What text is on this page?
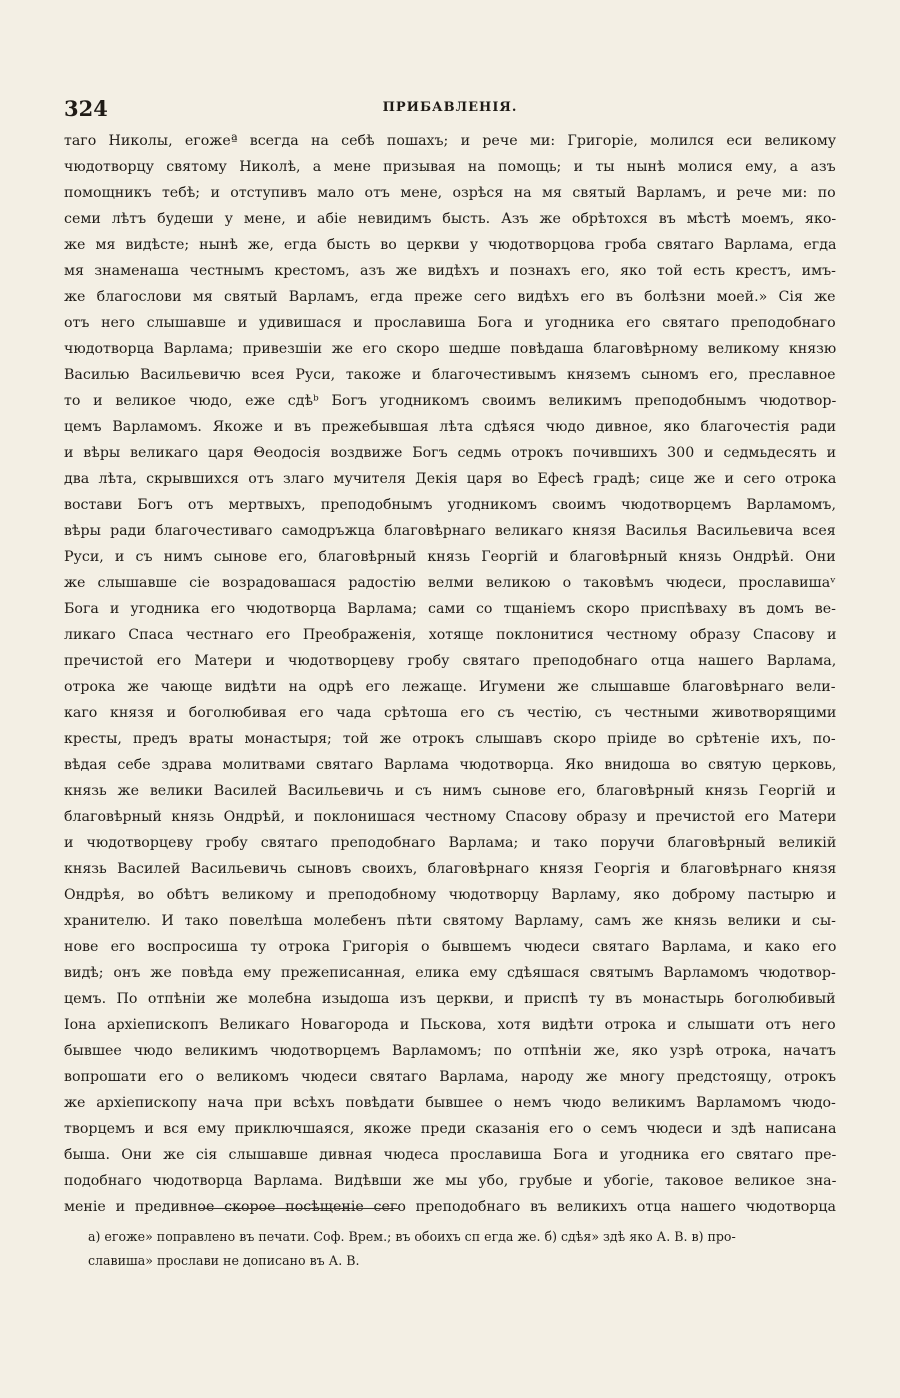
324	ПРИБАВЛЕНІЯ.
таго Николы, егожеª всегда на себѣ пошахъ; и рече ми: Григоріе, молился еси великому
чюдотворцу святому Николѣ, а мене призывая на помощь; и ты нынѣ молися ему, а азъ
помощникъ тебѣ; и отступивъ мало отъ мене, озрѣся на мя святый Варламъ, и рече ми: по
семи лѣтъ будеши у мене, и абіе невидимъ бысть. Азъ же обрѣтохся въ мѣстѣ моемъ, яко-
же мя видѣсте; нынѣ же, егда бысть во церкви у чюдотворцова гроба святаго Варлама, егда
мя знаменаша честнымъ крестомъ, азъ же видѣхъ и познахъ его, яко той есть крестъ, имъ-
же благослови мя святый Варламъ, егда преже сего видѣхъ его въ болѣзни моей.» Сія же
отъ него слышавше и удивишася и прославиша Бога и угодника его святаго преподобнаго
чюдотворца Варлама; привезшіи же его скоро шедше повѣдаша благовѣрному великому князю
Василью Васильевичю всея Руси, такоже и благочестивымъ княземъ сыномъ его, преславное
то и великое чюдо, еже сдѣᵇ Богъ угодникомъ своимъ великимъ преподобнымъ чюдотвор-
цемъ Варламомъ. Якоже и въ прежебывшая лѣта сдѣяся чюдо дивное, яко благочестія ради
и вѣры великаго царя Θеодосія воздвиже Богъ седмь отрокъ почившихъ 300 и седмьдесять и
два лѣта, скрывшихся отъ злаго мучителя Декія царя во Ефесѣ градѣ; сице же и сего отрока
востави Богъ отъ мертвыхъ, преподобнымъ угодникомъ своимъ чюдотворцемъ Варламомъ,
вѣры ради благочестиваго самодръжца благовѣрнаго великаго князя Василья Васильевича всея
Руси, и съ нимъ сынове его, благовѣрный князь Георгій и благовѣрный князь Ондрѣй. Они
же слышавше сіе возрадовашася радостію велми великою о таковѣмъ чюдеси, прославишаᵛ
Бога и угодника его чюдотворца Варлама; сами со тщаніемъ скоро приспѣваху въ домъ ве-
ликаго Спаса честнаго его Преображенія, хотяще поклонитися честному образу Спасову и
пречистой его Матери и чюдотворцеву гробу святаго преподобнаго отца нашего Варлама,
отрока же чающе видѣти на одрѣ его лежаще. Игумени же слышавше благовѣрнаго вели-
каго князя и боголюбивая его чада срѣтоша его съ честію, съ честными животворящими
кресты, предъ враты монастыря; той же отрокъ слышавъ скоро пріиде во срѣтеніе ихъ, по-
вѣдая себе здрава молитвами святаго Варлама чюдотворца. Яко внидоша во святую церковь,
князь же велики Василей Васильевичь и съ нимъ сынове его, благовѣрный князь Георгій и
благовѣрный князь Ондрѣй, и поклонишася честному Спасову образу и пречистой его Матери
и чюдотворцеву гробу святаго преподобнаго Варлама; и тако поручи благовѣрный великій
князь Василей Васильевичь сыновъ своихъ, благовѣрнаго князя Георгія и благовѣрнаго князя
Ондрѣя, во обѣтъ великому и преподобному чюдотворцу Варламу, яко доброму пастырю и
хранителю. И тако повелѣша молебенъ пѣти святому Варламу, самъ же князь велики и сы-
нове его воспросиша ту отрока Григорія о бывшемъ чюдеси святаго Варлама, и како его
видѣ; онъ же повѣда ему прежеписанная, елика ему сдѣяшася святымъ Варламомъ чюдотвор-
цемъ. По отпѣніи же молебна изыдоша изъ церкви, и приспѣ ту въ монастырь боголюбивый
Іона архіепископъ Великаго Новагорода и Пьскова, хотя видѣти отрока и слышати отъ него
бывшее чюдо великимъ чюдотворцемъ Варламомъ; по отпѣніи же, яко узрѣ отрока, начатъ
вопрошати его о великомъ чюдеси святаго Варлама, народу же многу предстоящу, отрокъ
же архіепископу нача при всѣхъ повѣдати бывшее о немъ чюдо великимъ Варламомъ чюдо-
творцемъ и вся ему приключшаяся, якоже преди сказанія его о семъ чюдеси и здѣ написана
быша. Они же сія слышавше дивная чюдеса прославиша Бога и угодника его святаго пре-
подобнаго чюдотворца Варлама. Видѣвши же мы убо, грубые и убогіе, таковое великое зна-
меніе и предивное скорое посѣщеніе сего преподобнаго въ великихъ отца нашего чюдотворца
а) егоже» поправлено въ печати. Соф. Врем.; въ обоихъ сп егда же. б) сдѣя» здѣ яко А. В. в) про-
славиша» прослави не дописано въ А. В.
